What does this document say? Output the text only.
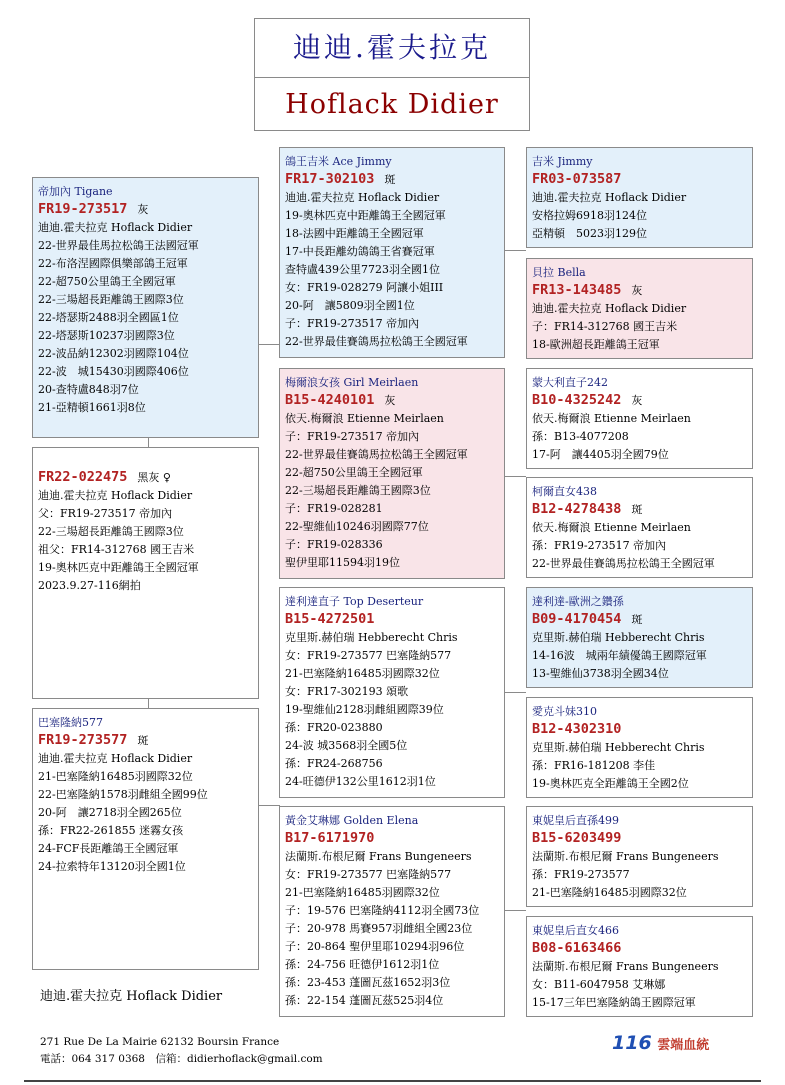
迪迪.霍夫拉克
Hoflack Didier
帝加內 Tigane
FR19-273517 灰
迪迪.霍夫拉克 Hoflack Didier
22-世界最佳馬拉松鴿王法國冠軍
22-布洛涅國際俱樂部鴿王冠軍
22-超750公里鴿王全國冠軍
22-三場超長距離鴿王國際3位
22-塔瑟斯2488羽全國區1位
22-塔瑟斯10237羽國際3位
22-波品納12302羽國際104位
22-波　城15430羽國際406位
20-查特盧848羽7位
21-亞精頓1661羽8位
FR22-022475 黑灰 ♀
迪迪.霍夫拉克 Hoflack Didier
父：FR19-273517 帝加內
22-三場超長距離鴿王國際3位
祖父：FR14-312768 國王吉米
19-奧林匹克中距離鴿王全國冠軍
2023.9.27-116網拍
巴塞隆納577
FR19-273577 斑
迪迪.霍夫拉克 Hoflack Didier
21-巴塞隆納16485羽國際32位
22-巴塞隆納1578羽雌組全國99位
20-阿　讓2718羽全國265位
孫：FR22-261855 迷霧女孩
24-FCF長距離鴿王全國冠軍
24-拉索特年13120羽全國1位
鴿王吉米 Ace Jimmy
FR17-302103 斑
迪迪.霍夫拉克 Hoflack Didier
19-奧林匹克中距離鴿王全國冠軍
18-法國中距離鴿王全國冠軍
17-中長距離幼鴿鴿王省賽冠軍
查特盧439公里7723羽全國1位
女：FR19-028279 阿讓小姐III
20-阿　讓5809羽全國1位
子：FR19-273517 帝加內
22-世界最佳賽鴿馬拉松鴿王全國冠軍
梅爾浪女孩 Girl Meirlaen
B15-4240101 灰
依天.梅爾浪 Etienne Meirlaen
子：FR19-273517 帝加內
22-世界最佳賽鴿馬拉松鴿王全國冠軍
22-超750公里鴿王全國冠軍
22-三場超長距離鴿王國際3位
子：FR19-028281
22-聖維仙10246羽國際77位
子：FR19-028336
聖伊里耶11594羽19位
達利達直子 Top Deserteur
B15-4272501
克里斯.赫伯瑞 Hebberecht Chris
女：FR19-273577 巴塞隆納577
21-巴塞隆納16485羽國際32位
女：FR17-302193 頌歌
19-聖維仙2128羽雌組國際39位
孫：FR20-023880
24-波 城3568羽全國5位
孫：FR24-268756
24-旺德伊132公里1612羽1位
黃金艾琳娜 Golden Elena
B17-6171970
法蘭斯.布根尼爾 Frans Bungeneers
女：FR19-273577 巴塞隆納577
21-巴塞隆納16485羽國際32位
子：19-576 巴塞隆納4112羽全國73位
子：20-978 馬賽957羽雌組全國23位
子：20-864 聖伊里耶10294羽96位
孫：24-756 旺德伊1612羽1位
孫：23-453 蓬圖瓦茲1652羽3位
孫：22-154 蓬圖瓦茲525羽4位
吉米 Jimmy
FR03-073587
迪迪.霍夫拉克 Hoflack Didier
安格拉姆6918羽124位
亞精頓　5023羽129位
貝拉 Bella
FR13-143485 灰
迪迪.霍夫拉克 Hoflack Didier
子：FR14-312768 國王吉米
18-歐洲超長距離鴿王冠軍
蒙大利直子242
B10-4325242 灰
依天.梅爾浪 Etienne Meirlaen
孫：B13-4077208
17-阿　讓4405羽全國79位
柯爾直女438
B12-4278438 斑
依天.梅爾浪 Etienne Meirlaen
孫：FR19-273517 帝加內
22-世界最佳賽鴿馬拉松鴿王全國冠軍
達利達-歐洲之鑽孫
B09-4170454 斑
克里斯.赫伯瑞 Hebberecht Chris
14-16波　城兩年績優鴿王國際冠軍
13-聖維仙3738羽全國34位
愛克斗妹310
B12-4302310
克里斯.赫伯瑞 Hebberecht Chris
孫：FR16-181208 李佳
19-奧林匹克全距離鴿王全國2位
東妮皇后直孫499
B15-6203499
法蘭斯.布根尼爾 Frans Bungeneers
孫：FR19-273577
21-巴塞隆納16485羽國際32位
東妮皇后直女466
B08-6163466
法蘭斯.布根尼爾 Frans Bungeneers
女：B11-6047958 艾琳娜
15-17三年巴塞隆納鴿王國際冠軍
迪迪.霍夫拉克 Hoflack Didier
271 Rue De La Mairie 62132 Boursin France
電話：064 317 0368　信箱：didierhoflack@gmail.com
116 雲端血統
